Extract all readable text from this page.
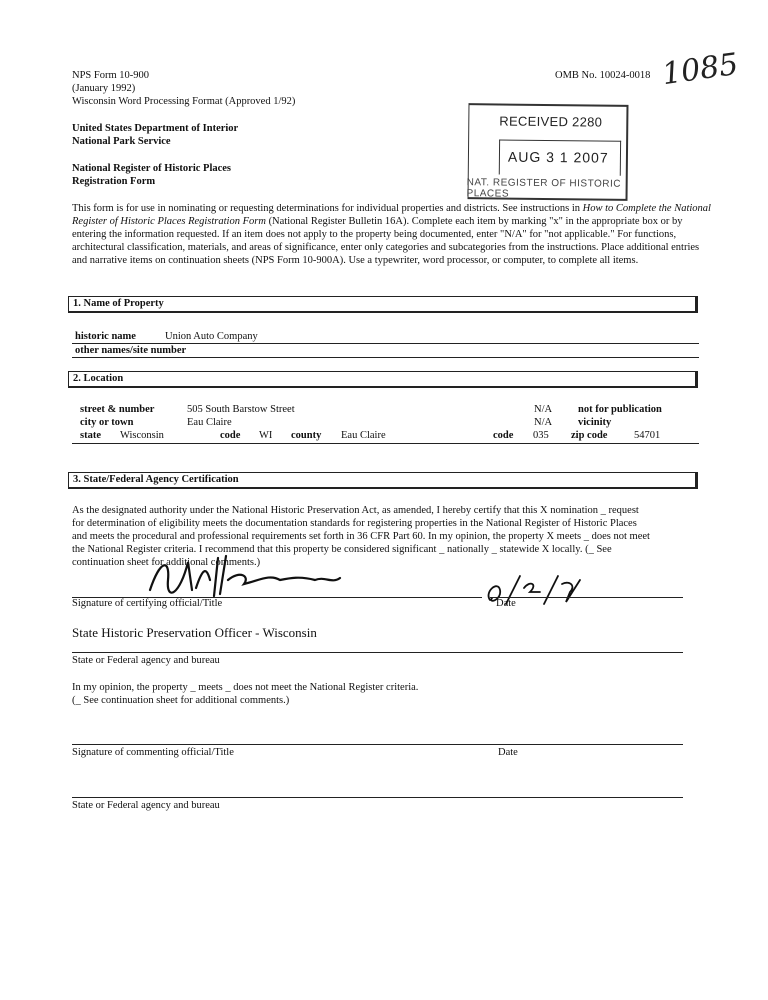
NPS Form 10-900
(January 1992)
Wisconsin Word Processing Format (Approved 1/92)
OMB No. 10024-0018 1085
United States Department of Interior
National Park Service
National Register of Historic Places
Registration Form
RECEIVED 2280
AUG 3 1 2007
NAT. REGISTER OF HISTORIC PLACES
This form is for use in nominating or requesting determinations for individual properties and districts. See instructions in How to Complete the National Register of Historic Places Registration Form (National Register Bulletin 16A). Complete each item by marking "x" in the appropriate box or by entering the information requested. If an item does not apply to the property being documented, enter "N/A" for "not applicable." For functions, architectural classification, materials, and areas of significance, enter only categories and subcategories from the instructions. Place additional entries and narrative items on continuation sheets (NPS Form 10-900A). Use a typewriter, word processor, or computer, to complete all items.
1. Name of Property
historic name	Union Auto Company
other names/site number
2. Location
street & number	505 South Barstow Street	N/A not for publication
city or town	Eau Claire	N/A vicinity
state Wisconsin	code WI county Eau Claire	code 035 zip code	54701
3. State/Federal Agency Certification
As the designated authority under the National Historic Preservation Act, as amended, I hereby certify that this X nomination _ request
for determination of eligibility meets the documentation standards for registering properties in the National Register of Historic Places
and meets the procedural and professional requirements set forth in 36 CFR Part 60. In my opinion, the property X meets _ does not meet
the National Register criteria. I recommend that this property be considered significant _ nationally _ statewide X locally. (_ See
continuation sheet for additional comments.)
Signature of certifying official/Title	Date
State Historic Preservation Officer - Wisconsin
State or Federal agency and bureau
In my opinion, the property _ meets _ does not meet the National Register criteria.
(_ See continuation sheet for additional comments.)
Signature of commenting official/Title	Date
State or Federal agency and bureau
